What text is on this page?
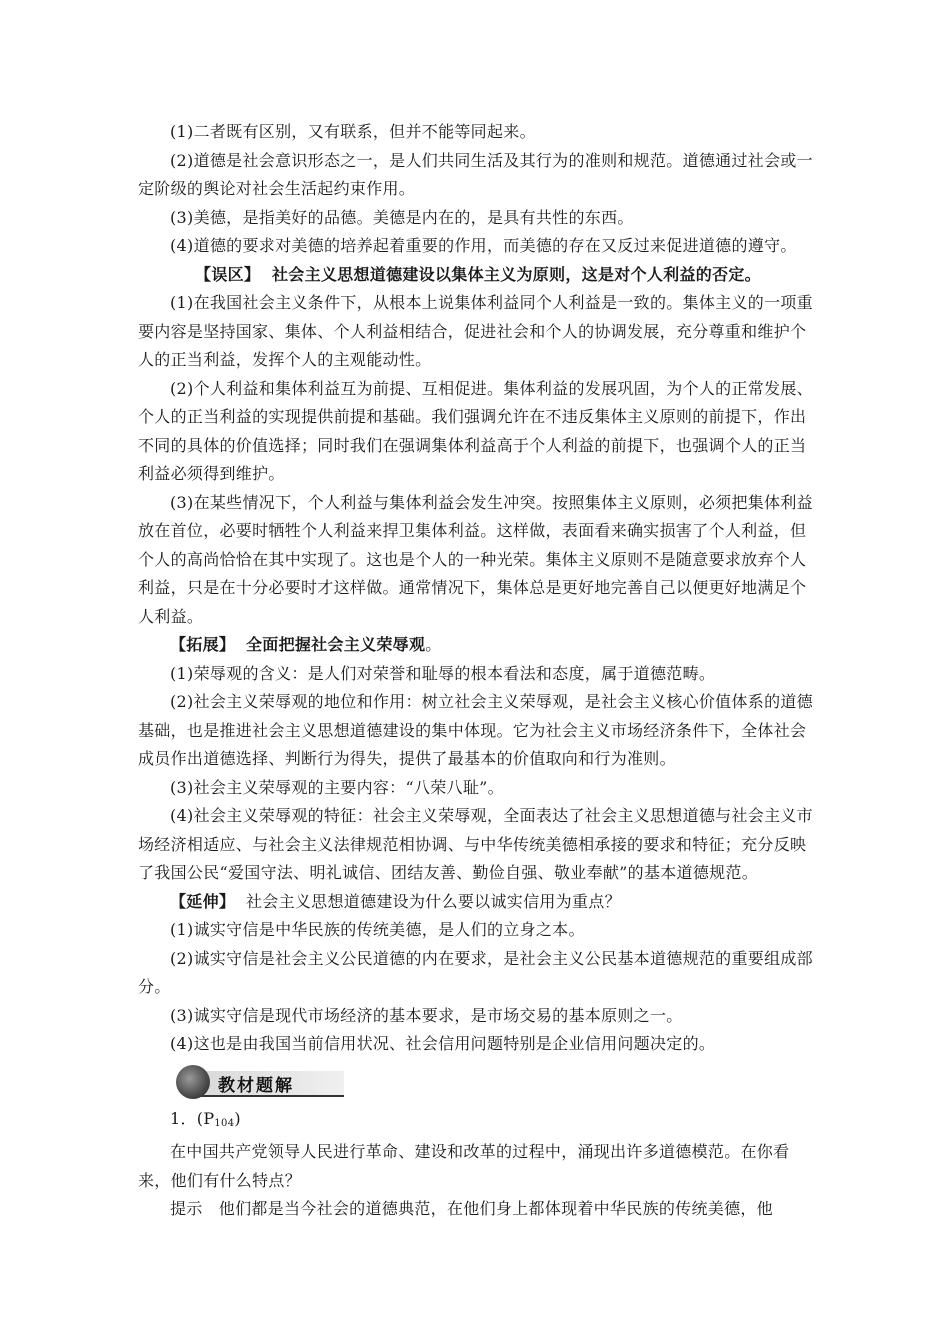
(1)二者既有区别，又有联系，但并不能等同起来。

(2)道德是社会意识形态之一，是人们共同生活及其行为的准则和规范。道德通过社会或一定阶级的舆论对社会生活起约束作用。

(3)美德，是指美好的品德。美德是内在的，是具有共性的东西。

(4)道德的要求对美德的培养起着重要的作用，而美德的存在又反过来促进道德的遵守。

【误区】 社会主义思想道德建设以集体主义为原则，这是对个人利益的否定。

(1)在我国社会主义条件下，从根本上说集体利益同个人利益是一致的。集体主义的一项重要内容是坚持国家、集体、个人利益相结合，促进社会和个人的协调发展，充分尊重和维护个人的正当利益，发挥个人的主观能动性。

(2)个人利益和集体利益互为前提、互相促进。集体利益的发展巩固，为个人的正常发展、个人的正当利益的实现提供前提和基础。我们强调允许在不违反集体主义原则的前提下，作出不同的具体的价值选择；同时我们在强调集体利益高于个人利益的前提下，也强调个人的正当利益必须得到维护。

(3)在某些情况下，个人利益与集体利益会发生冲突。按照集体主义原则，必须把集体利益放在首位，必要时牺牲个人利益来捍卫集体利益。这样做，表面看来确实损害了个人利益，但个人的高尚恰恰在其中实现了。这也是个人的一种光荣。集体主义原则不是随意要求放弃个人利益，只是在十分必要时才这样做。通常情况下，集体总是更好地完善自己以便更好地满足个人利益。

【拓展】 全面把握社会主义荣辱观。

(1)荣辱观的含义：是人们对荣誉和耻辱的根本看法和态度，属于道德范畴。

(2)社会主义荣辱观的地位和作用：树立社会主义荣辱观，是社会主义核心价值体系的道德基础，也是推进社会主义思想道德建设的集中体现。它为社会主义市场经济条件下，全体社会成员作出道德选择、判断行为得失，提供了最基本的价值取向和行为准则。

(3)社会主义荣辱观的主要内容：“八荣八耻”。

(4)社会主义荣辱观的特征：社会主义荣辱观，全面表达了社会主义思想道德与社会主义市场经济相适应、与社会主义法律规范相协调、与中华传统美德相承接的要求和特征；充分反映了我国公民“爱国守法、明礼诚信、团结友善、勤俭自强、敬业奉献”的基本道德规范。

【延伸】 社会主义思想道德建设为什么要以诚实信用为重点？

(1)诚实守信是中华民族的传统美德，是人们的立身之本。

(2)诚实守信是社会主义公民道德的内在要求，是社会主义公民基本道德规范的重要组成部分。

(3)诚实守信是现代市场经济的基本要求，是市场交易的基本原则之一。

(4)这也是由我国当前信用状况、社会信用问题特别是企业信用问题决定的。

教材题解

1．$(P_{104})$

在中国共产党领导人民进行革命、建设和改革的过程中，涌现出许多道德模范。在你看来，他们有什么特点？

提示 他们都是当今社会的道德典范，在他们身上都体现着中华民族的传统美德，他
